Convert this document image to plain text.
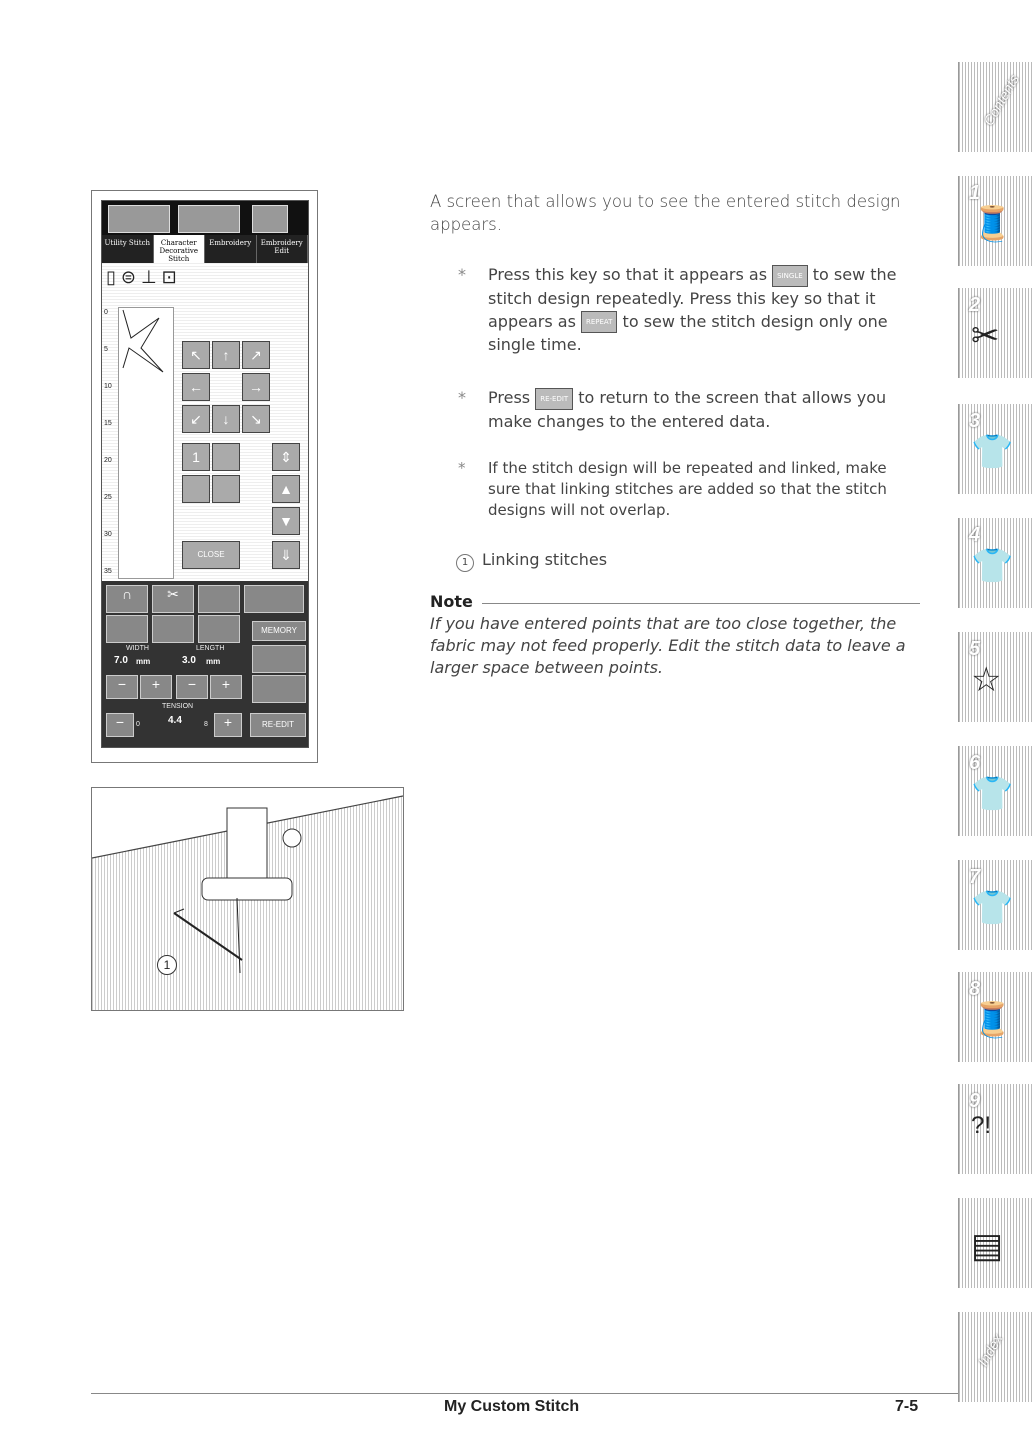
Utility Stitch	Character Decorative Stitch
Embroidery	Embroidery Edit
▯ ⊜ ⊥ ⊡
0
5
10
15
20
25
30
35
↖	↑	↗
←	→
↙	↓	↘
1	⇕
▲
▼
CLOSE	⇓
∩	✂
MEMORY
WIDTH	LENGTH
7.0 mm	3.0 mm
−	+	−	+
TENSION
−	0	4.4	8	+	RE-EDIT
1
A screen that allows you to see the entered stitch design appears.
* Press this key so that it appears as SINGLE to sew the stitch design repeatedly. Press this key so that it appears as REPEAT to sew the stitch design only one single time.
* Press RE-EDIT to return to the screen that allows you make changes to the entered data.
* If the stitch design will be repeated and linked, make sure that linking stitches are added so that the stitch designs will not overlap.
1 Linking stitches
Note
If you have entered points that are too close together, the fabric may not feed properly. Edit the stitch data to leave a larger space between points.
Contents
1
🧵
2
✂
3
👕
4
👕
5
☆
6
👕
7
👕
8
🧵
9
?!
▤
Index
My Custom Stitch	7-5
